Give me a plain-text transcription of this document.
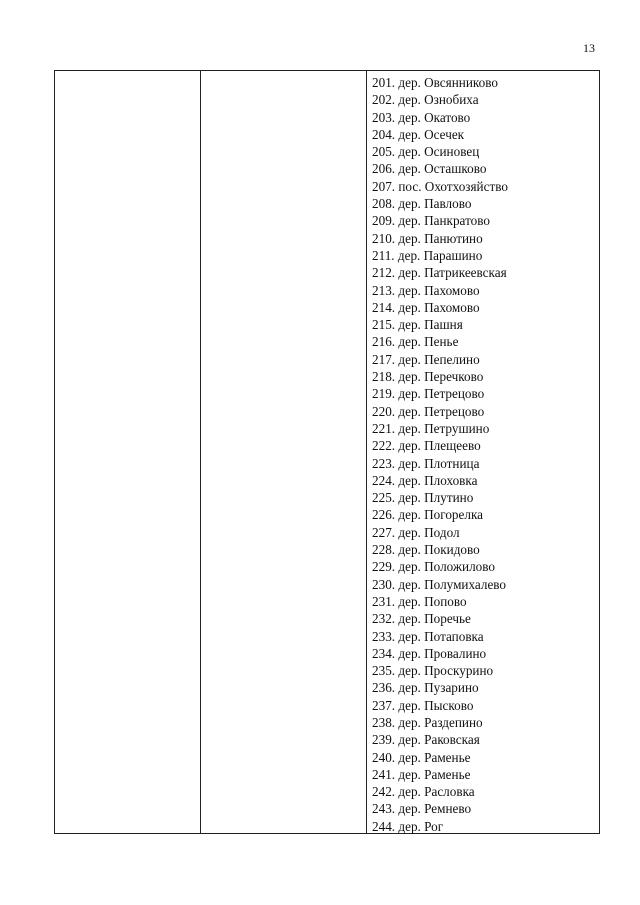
13
201. дер. Овсянниково
202. дер. Ознобиха
203. дер. Окатово
204. дер. Осечек
205. дер. Осиновец
206. дер. Осташково
207. пос. Охотхозяйство
208. дер. Павлово
209. дер. Панкратово
210. дер. Панютино
211. дер. Парашино
212. дер. Патрикеевская
213. дер. Пахомово
214. дер. Пахомово
215. дер. Пашня
216. дер. Пенье
217. дер. Пепелино
218. дер. Перечково
219. дер. Петрецово
220. дер. Петрецово
221. дер. Петрушино
222. дер. Плещеево
223. дер. Плотница
224. дер. Плоховка
225. дер. Плутино
226. дер. Погорелка
227. дер. Подол
228. дер. Покидово
229. дер. Положилово
230. дер. Полумихалево
231. дер. Попово
232. дер. Поречье
233. дер. Потаповка
234. дер. Провалино
235. дер. Проскурино
236. дер. Пузарино
237. дер. Пысково
238. дер. Раздепино
239. дер. Раковская
240. дер. Раменье
241. дер. Раменье
242. дер. Расловка
243. дер. Ремнево
244. дер. Рог
